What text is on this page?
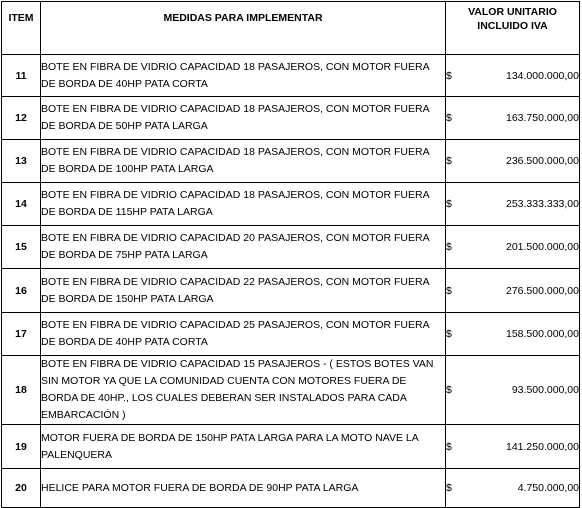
ITEM	MEDIDAS PARA IMPLEMENTAR	VALOR UNITARIO
INCLUIDO IVA

11	BOTE EN FIBRA DE VIDRIO CAPACIDAD 18 PASAJEROS, CON MOTOR FUERA DE BORDA DE 40HP PATA CORTA	$ 134.000.000,00

12	BOTE EN FIBRA DE VIDRIO CAPACIDAD 18 PASAJEROS, CON MOTOR FUERA DE BORDA DE 50HP PATA LARGA	$ 163.750.000,00

13	BOTE EN FIBRA DE VIDRIO CAPACIDAD 18 PASAJEROS, CON MOTOR FUERA DE BORDA DE 100HP PATA LARGA	$ 236.500.000,00

14	BOTE EN FIBRA DE VIDRIO CAPACIDAD 18 PASAJEROS, CON MOTOR FUERA DE BORDA DE 115HP PATA LARGA	$ 253.333.333,00

15	BOTE EN FIBRA DE VIDRIO CAPACIDAD 20 PASAJEROS, CON MOTOR FUERA DE BORDA DE 75HP PATA LARGA	$ 201.500.000,00

16	BOTE EN FIBRA DE VIDRIO CAPACIDAD 22 PASAJEROS, CON MOTOR FUERA DE BORDA DE 150HP PATA LARGA	$ 276.500.000,00

17	BOTE EN FIBRA DE VIDRIO CAPACIDAD 25 PASAJEROS, CON MOTOR FUERA DE BORDA DE 40HP PATA CORTA	$ 158.500.000,00

18	BOTE EN FIBRA DE VIDRIO CAPACIDAD 15 PASAJEROS - ( ESTOS BOTES VAN SIN MOTOR YA QUE LA COMUNIDAD CUENTA CON MOTORES FUERA DE BORDA DE 40HP., LOS CUALES DEBERAN SER INSTALADOS PARA CADA EMBARCACIÓN )	$ 93.500.000,00

19	MOTOR FUERA DE BORDA DE 150HP PATA LARGA PARA LA MOTO NAVE LA PALENQUERA	$ 141.250.000,00

20	HELICE PARA MOTOR FUERA DE BORDA DE 90HP PATA LARGA	$ 4.750.000,00
